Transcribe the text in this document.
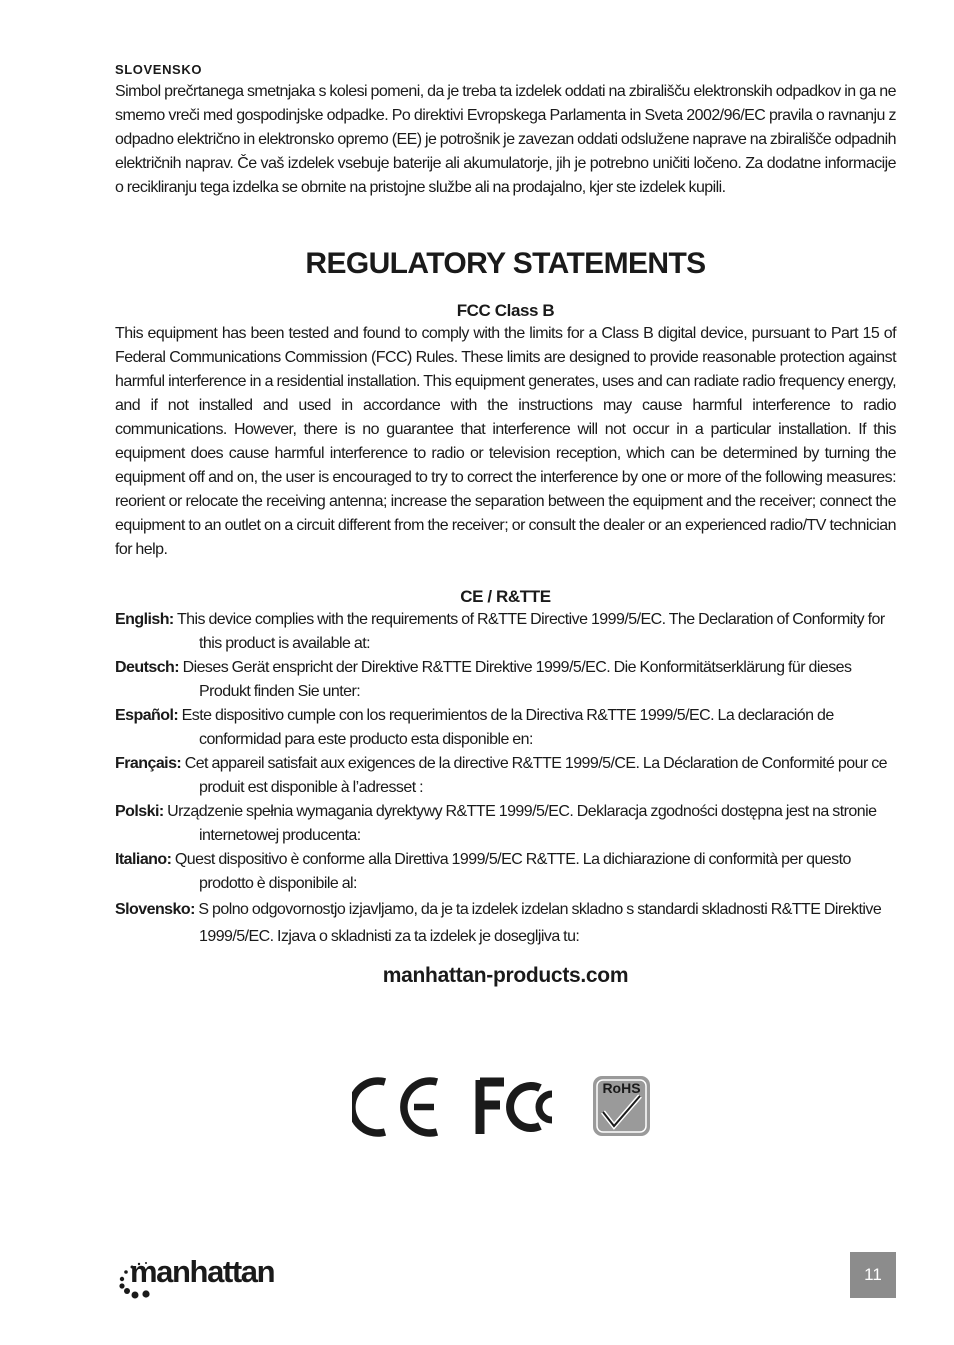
SLOVENSKO

Simbol prečrtanega smetnjaka s kolesi pomeni, da je treba ta izdelek oddati na zbirališču elektronskih odpadkov in ga ne smemo vreči med gospodinjske odpadke. Po direktivi Evropskega Parlamenta in Sveta 2002/96/EC pravila o ravnanju z odpadno električno in elektronsko opremo (EE) je potrošnik je zavezan oddati odslužene naprave na zbirališče odpadnih električnih naprav. Če vaš izdelek vsebuje baterije ali akumulatorje, jih je potrebno uničiti ločeno. Za dodatne informacije o recikliranju tega izdelka se obrnite na pristojne službe ali na prodajalno, kjer ste izdelek kupili.

REGULATORY STATEMENTS
FCC Class B

This equipment has been tested and found to comply with the limits for a Class B digital device, pursuant to Part 15 of Federal Communications Commission (FCC) Rules. These limits are designed to provide reasonable protection against harmful interference in a residential installation. This equipment generates, uses and can radiate radio frequency energy, and if not installed and used in accordance with the instructions may cause harmful interference to radio communications. However, there is no guarantee that interference will not occur in a particular installation. If this equipment does cause harmful interference to radio or television reception, which can be determined by turning the equipment off and on, the user is encouraged to try to correct the interference by one or more of the following measures: reorient or relocate the receiving antenna; increase the separation between the equipment and the receiver; connect the equipment to an outlet on a circuit different from the receiver; or consult the dealer or an experienced radio/TV technician for help.

CE / R&TTE

English: This device complies with the requirements of R&TTE Directive 1999/5/EC. The Declaration of Conformity for this product is available at:

Deutsch: Dieses Gerät enspricht der Direktive R&TTE Direktive 1999/5/EC. Die Konformitätserklärung für dieses Produkt finden Sie unter:

Español: Este dispositivo cumple con los requerimientos de la Directiva R&TTE 1999/5/EC. La declaración de conformidad para este producto esta disponible en:

Français: Cet appareil satisfait aux exigences de la directive R&TTE 1999/5/CE. La Déclaration de Conformité pour ce produit est disponible à l’adresset :

Polski: Urządzenie spełnia wymagania dyrektywy R&TTE 1999/5/EC. Deklaracja zgodności dostępna jest na stronie internetowej producenta:

Italiano: Quest dispositivo è conforme alla Direttiva 1999/5/EC R&TTE. La dichiarazione di conformità per questo prodotto è disponibile al:

Slovensko: S polno odgovornostjo izjavljamo, da je ta izdelek izdelan skladno s standardi skladnosti R&TTE Direktive 1999/5/EC. Izjava o skladnisti za ta izdelek je dosegljiva tu:

manhattan-products.com

RoHS
manhattan	11
